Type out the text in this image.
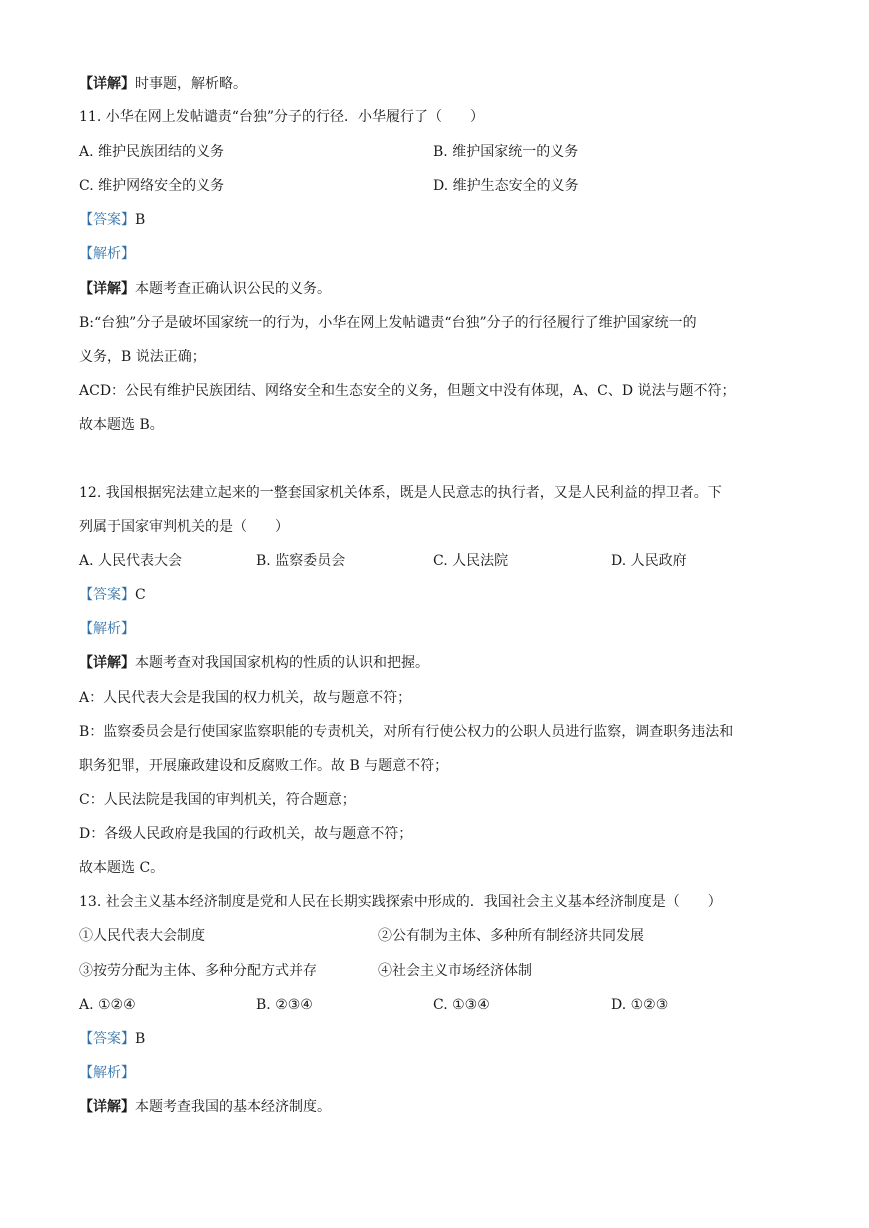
【详解】时事题，解析略。
11. 小华在网上发帖谴责“台独”分子的行径．小华履行了（　　）
A. 维护民族团结的义务	B. 维护国家统一的义务
C. 维护网络安全的义务	D. 维护生态安全的义务
【答案】B
【解析】
【详解】本题考查正确认识公民的义务。
B:“台独”分子是破坏国家统一的行为，小华在网上发帖谴责“台独”分子的行径履行了维护国家统一的
义务，B 说法正确；
ACD：公民有维护民族团结、网络安全和生态安全的义务，但题文中没有体现，A、C、D 说法与题不符；
故本题选 B。
12. 我国根据宪法建立起来的一整套国家机关体系，既是人民意志的执行者，又是人民利益的捍卫者。下
列属于国家审判机关的是（　　）
A. 人民代表大会	B. 监察委员会	C. 人民法院	D. 人民政府
【答案】C
【解析】
【详解】本题考查对我国国家机构的性质的认识和把握。
A：人民代表大会是我国的权力机关，故与题意不符；
B：监察委员会是行使国家监察职能的专责机关，对所有行使公权力的公职人员进行监察，调查职务违法和
职务犯罪，开展廉政建设和反腐败工作。故 B 与题意不符；
C：人民法院是我国的审判机关，符合题意；
D：各级人民政府是我国的行政机关，故与题意不符；
故本题选 C。
13. 社会主义基本经济制度是党和人民在长期实践探索中形成的．我国社会主义基本经济制度是（　　）
①人民代表大会制度	②公有制为主体、多种所有制经济共同发展
③按劳分配为主体、多种分配方式并存	④社会主义市场经济体制
A. ①②④	B. ②③④	C. ①③④	D. ①②③
【答案】B
【解析】
【详解】本题考查我国的基本经济制度。
